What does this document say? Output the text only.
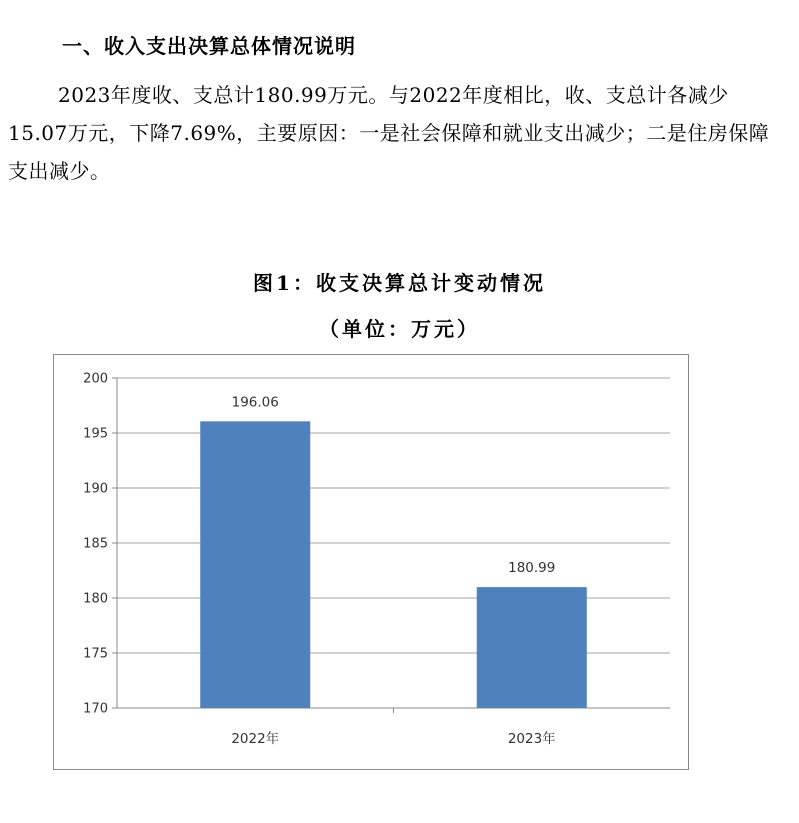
一、收入支出决算总体情况说明
2023年度收、支总计180.99万元。与2022年度相比，收、支总计各减少15.07万元，下降7.69%，主要原因：一是社会保障和就业支出减少；二是住房保障支出减少。
图1：收支决算总计变动情况
（单位：万元）
170
175
180
185
190
195
200
196.06
2022年
180.99
2023年
